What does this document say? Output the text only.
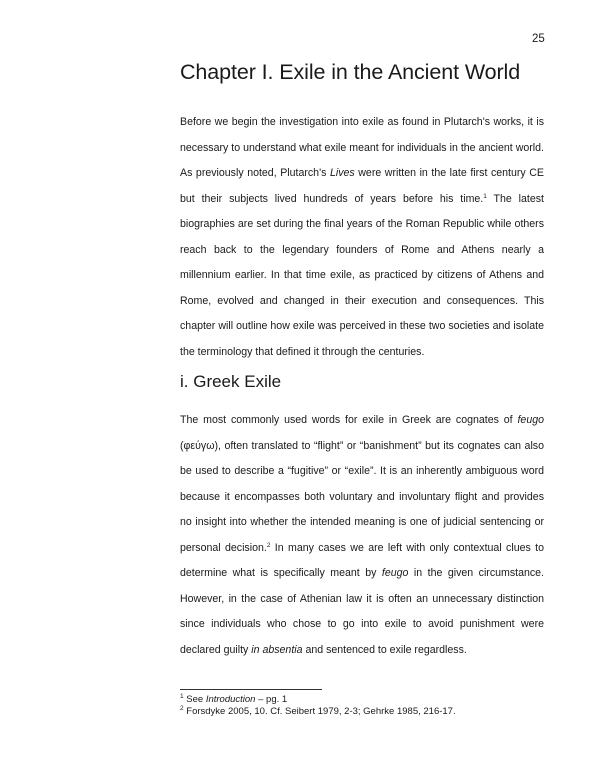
25
Chapter I. Exile in the Ancient World
Before we begin the investigation into exile as found in Plutarch's works, it is
necessary to understand what exile meant for individuals in the ancient world.
As previously noted, Plutarch's Lives were written in the late first century CE
but their subjects lived hundreds of years before his time.$^1$ The latest
biographies are set during the final years of the Roman Republic while others
reach back to the legendary founders of Rome and Athens nearly a
millennium earlier. In that time exile, as practiced by citizens of Athens and
Rome, evolved and changed in their execution and consequences. This
chapter will outline how exile was perceived in these two societies and isolate
the terminology that defined it through the centuries.
i. Greek Exile
The most commonly used words for exile in Greek are cognates of feugo
(φεύγω), often translated to “flight” or “banishment” but its cognates can also
be used to describe a “fugitive” or “exile”. It is an inherently ambiguous word
because it encompasses both voluntary and involuntary flight and provides
no insight into whether the intended meaning is one of judicial sentencing or
personal decision.$^2$ In many cases we are left with only contextual clues to
determine what is specifically meant by feugo in the given circumstance.
However, in the case of Athenian law it is often an unnecessary distinction
since individuals who chose to go into exile to avoid punishment were
declared guilty in absentia and sentenced to exile regardless.
$^1$ See Introduction – pg. 1
$^2$ Forsdyke 2005, 10. Cf. Seibert 1979, 2-3; Gehrke 1985, 216-17.
